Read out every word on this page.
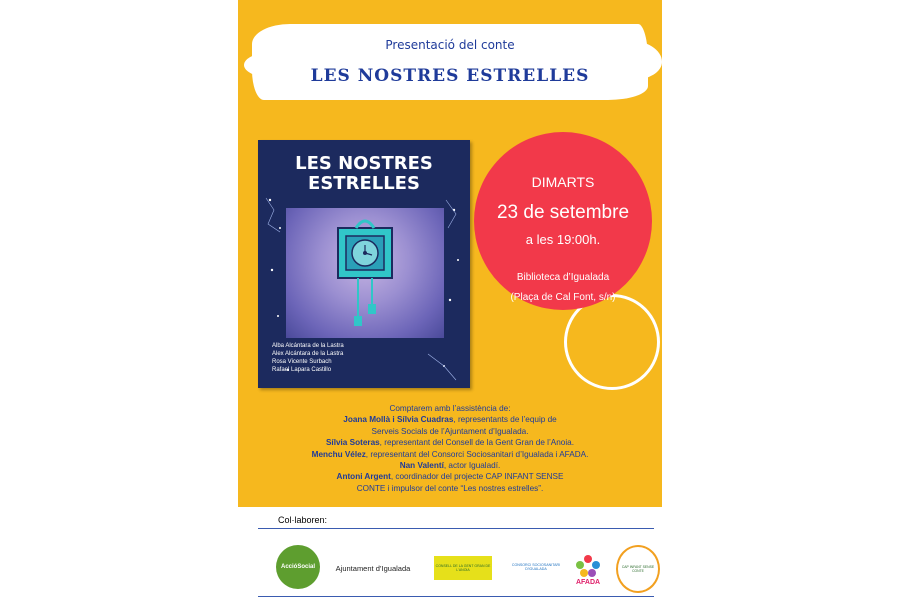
Presentació del conte
LES NOSTRES ESTRELLES
LES NOSTRES
ESTRELLES
Alba Alcántara de la Lastra
Alex Alcántara de la Lastra
Rosa Vicente Surbach
Rafael Lapara Castillo
DIMARTS
23 de setembre
a les 19:00h.
Biblioteca d’Igualada
(Plaça de Cal Font, s/n)
Comptarem amb l’assistència de:
Joana Mollà i Sílvia Cuadras, representants de l’equip de
Serveis Socials de l’Ajuntament d’Igualada.
Sílvia Soteras, representant del Consell de la Gent Gran de l’Anoia.
Menchu Vélez, representant del Consorci Sociosanitari d’Igualada i AFADA.
Nan Valentí, actor Igualadí.
Antoni Argent, coordinador del projecte CAP INFANT SENSE
CONTE i impulsor del conte “Les nostres estrelles”.
Col·laboren:
AccióSocial	Ajuntament d’Igualada	CONSELL DE LA GENT GRAN DE L'ANOIA
CONSORCI SOCIOSANITARI D'IGUALADA
AFADA
CAP INFANT SENSE CONTE
